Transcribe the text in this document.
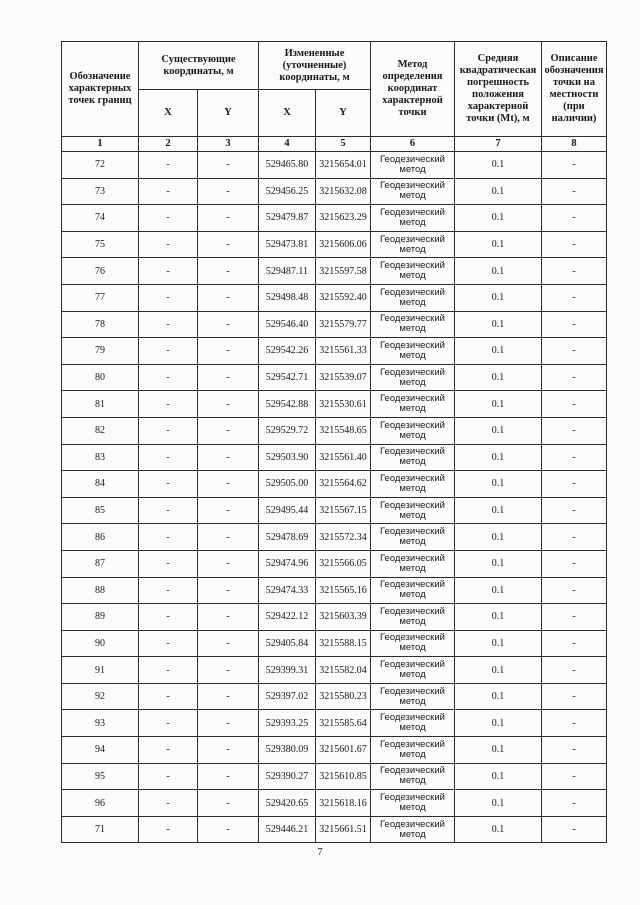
Обозначение характерных точек границ	Существующие координаты, м		Измененные (уточненные) координаты, м		Метод определения координат характерной точки	Средняя квадратическая погрешность положения характерной точки (Mt), м	Описание обозначения точки на местности (при наличии)
	X	Y	X	Y			
1	2	3	4	5	6	7	8
72	-	-	529465.80	3215654.01	Геодезический метод	0.1	-
73	-	-	529456.25	3215632.08	Геодезический метод	0.1	-
74	-	-	529479.87	3215623.29	Геодезический метод	0.1	-
75	-	-	529473.81	3215606.06	Геодезический метод	0.1	-
76	-	-	529487.11	3215597.58	Геодезический метод	0.1	-
77	-	-	529498.48	3215592.40	Геодезический метод	0.1	-
78	-	-	529546.40	3215579.77	Геодезический метод	0.1	-
79	-	-	529542.26	3215561.33	Геодезический метод	0.1	-
80	-	-	529542.71	3215539.07	Геодезический метод	0.1	-
81	-	-	529542.88	3215530.61	Геодезический метод	0.1	-
82	-	-	529529.72	3215548.65	Геодезический метод	0.1	-
83	-	-	529503.90	3215561.40	Геодезический метод	0.1	-
84	-	-	529505.00	3215564.62	Геодезический метод	0.1	-
85	-	-	529495.44	3215567.15	Геодезический метод	0.1	-
86	-	-	529478.69	3215572.34	Геодезический метод	0.1	-
87	-	-	529474.96	3215566.05	Геодезический метод	0.1	-
88	-	-	529474.33	3215565.16	Геодезический метод	0.1	-
89	-	-	529422.12	3215603.39	Геодезический метод	0.1	-
90	-	-	529405.84	3215588.15	Геодезический метод	0.1	-
91	-	-	529399.31	3215582.04	Геодезический метод	0.1	-
92	-	-	529397.02	3215580.23	Геодезический метод	0.1	-
93	-	-	529393.25	3215585.64	Геодезический метод	0.1	-
94	-	-	529380.09	3215601.67	Геодезический метод	0.1	-
95	-	-	529390.27	3215610.85	Геодезический метод	0.1	-
96	-	-	529420.65	3215618.16	Геодезический метод	0.1	-
71	-	-	529446.21	3215661.51	Геодезический метод	0.1	-
7
